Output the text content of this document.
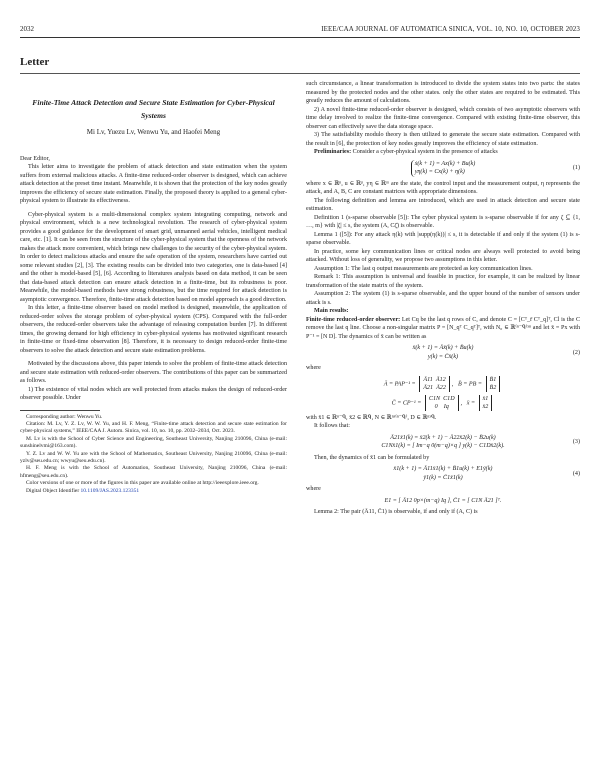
2032	IEEE/CAA JOURNAL OF AUTOMATICA SINICA, VOL. 10, NO. 10, OCTOBER 2023
Letter
Finite-Time Attack Detection and Secure State Estimation for Cyber-Physical Systems
Mi Lv, Yuezu Lv, Wenwu Yu, and Haofei Meng

Dear Editor,

This letter aims to investigate the problem of attack detection and state estimation when the system suffers from external malicious attacks. A finite-time reduced-order observer is designed, which can achieve attack detection at the preset time instant. Meanwhile, it is shown that the protection of the key nodes greatly improves the efficiency of secure state estimation. Finally, the proposed theory is applied to a general cyber-physical system to illustrate its effectiveness.

Cyber-physical system is a multi-dimensional complex system integrating computing, network and physical environment, which is a new technological revolution. The research of cyber-physical system provides a good guidance for the development of smart grid, unmanned aerial vehicles, intelligent medical care, etc. [1]. It can be seen from the structure of the cyber-physical system that the openness of the network makes the attack more convenient, which brings new challenges to the security of the cyber-physical system. In order to detect malicious attacks and ensure the safe operation of the system, researchers have carried out some relevant studies [2], [3]. The existing results can be divided into two categories, one is data-based [4] and the other is model-based [5], [6]. According to literatures analysis based on data method, it can be seen that data-based attack detection can ensure attack detection in a finite-time, but its robustness is poor. Meanwhile, the model-based methods have strong robustness, but the time required for attack detection is asymptotic convergence. Therefore, finite-time attack detection based on model approach is a good direction.

In this letter, a finite-time observer based on model method is designed, meanwhile, the application of reduced-order solves the storage problem of cyber-physical system (CPS). Compared with the full-order observers, the reduced-order observers take the advantage of releasing computation burden [7]. In different times, the growing demand for high efficiency in cyber-physical systems has motivated significant research in finite-time or fixed-time observation [8]. Therefore, it is necessary to design reduced-order finite-time observers to solve the attack detection and secure state estimation problems.

Motivated by the discussions above, this paper intends to solve the problem of finite-time attack detection and secure state estimation with reduced-order observers. The contributions of this paper can be summarized as follows.

1) The existence of vital nodes which are well protected from attacks makes the design of reduced-order observer possible. Under

Corresponding author: Wenwu Yu.

Citation: M. Lv, Y. Z. Lv, W. W. Yu, and H. F. Meng, “Finite-time attack detection and secure state estimation for cyber-physical systems,” IEEE/CAA J. Autom. Sinica, vol. 10, no. 10, pp. 2032–2034, Oct. 2023.

M. Lv is with the School of Cyber Science and Engineering, Southeast University, Nanjing 210096, China (e-mail: sunshinelvmi@163.com).

Y. Z. Lv and W. W. Yu are with the School of Mathematics, Southeast University, Nanjing 210096, China (e-mail: yzlv@seu.edu.cn; wwyu@seu.edu.cn).

H. F. Meng is with the School of Automation, Southeast University, Nanjing 210096, China (e-mail: hfmeng@seu.edu.cn).

Color versions of one or more of the figures in this paper are available online at http://ieeexplore.ieee.org.

Digital Object Identifier 10.1109/JAS.2023.123351

such circumstance, a linear transformation is introduced to divide the system states into two parts: the states measured by the protected nodes and the other states. only the other states are required to be estimated. This greatly reduces the amount of calculations.

2) A novel finite-time reduced-order observer is designed, which consists of two asymptotic observers with time delay involved to realize the finite-time convergence. Compared with existing finite-time observer, this observer can effectively save the data storage space.

3) The satisfiability modulo theory is then utilized to generate the secure state estimation. Compared with the result in [6], the protection of key nodes greatly improves the efficiency of state estimation.

Preliminaries: Consider a cyber-physical system in the presence of attacks

ẋ(k + 1) = Ax(k) + Bu(k)
yη(k) = Cx(k) + η(k)
(1)

where x ∈ ℝⁿ, u ∈ ℝᵖ, yη ∈ ℝᵐ are the state, the control input and the measurement output, η represents the attack, and A, B, C are constant matrices with appropriate dimensions.

The following definition and lemma are introduced, which are used in attack detection and secure state estimation.

Definition 1 (s-sparse observable [5]): The cyber physical system is s-sparse observable if for any ζ ⊆ {1, …, m} with |ζ| ≤ s, the system (A, Cζ̄) is observable.

Lemma 1 ([5]): For any attack η(k) with |supp(η(k))| ≤ s, it is detectable if and only if the system (1) is s-sparse observable.

In practice, some key communication lines or critical nodes are always well protected to avoid being attacked. Without loss of generality, we propose two assumptions in this letter.

Assumption 1: The last q output measurements are protected as key communication lines.

Remark 1: This assumption is universal and feasible in practice, for example, it can be realized by linear transformation of the state matrix of the system.

Assumption 2: The system (1) is s-sparse observable, and the upper bound of the number of sensors under attack is s.

Main results:

Finite-time reduced-order observer: Let Cq be the last q rows of C, and denote C = [Cᵀ_r̄ Cᵀ_q]ᵀ, Cl is the C remove the last q line. Choose a non-singular matrix P = [N_qᵀ C_qᵀ]ᵀ, with N₀ ∈ ℝ⁽ⁿ⁻ᑫ⁾ˣⁿ and let x̄ = Px with P⁻¹ = [N D]. The dynamics of x̄ can be written as

x̄(k + 1) = Āx̄(k) + B̄u(k)
y(k) = C̄x̄(k)
(2)

where

Ā = PAP⁻¹ = Ā11 Ā12
Ā21 Ā22,   B̄ = PB = B̄1
B̄2
C̄ = CP⁻¹ = C1N C1D
0 Iq,   x̄ = x̄1
x̄2

with x̄1 ∈ ℝⁿ⁻ᑫ, x̄2 ∈ ℝᑫ, N ∈ ℝⁿˣ⁽ⁿ⁻ᑫ⁾, D ∈ ℝⁿˣᑫ.

It follows that:

Ā21x̄1(k) = x̄2(k + 1) − Ā22x̄2(k) − B̄2u(k)
C1Nx̄1(k) = [ Im−q 0(m−q)×q ] y(k) − C1Dx̄2(k).
(3)

Then, the dynamics of x̄1 can be formulated by

x̄1(k + 1) = Ā11x̄1(k) + B̄1u(k) + E1ȳ(k)
ȳ1(k) = C̄1x̄1(k)
(4)

where

E1 = [ Ā12 0p×(m−q) Iq ], C̄1 = [ C1N Ā21 ]ᵀ.

Lemma 2: The pair (Ā11, C̄1) is observable, if and only if (A, C) is
